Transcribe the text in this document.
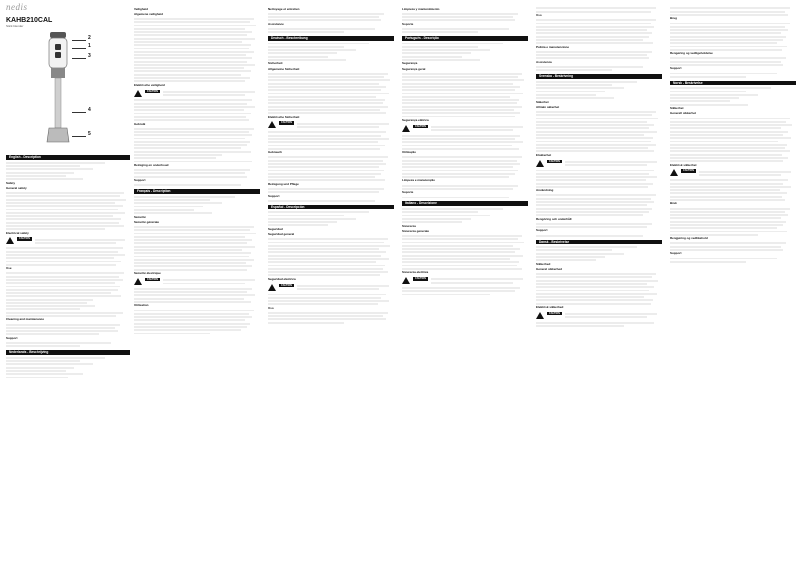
nedis
KAHB210CAL
Stick blender
2
1
3
4
5
English - Description
Safety
General safety
Electrical safety
CAUTION
Use
Cleaning and maintenance
Support
Nederlands - Beschrijving
Veiligheid
Algemene veiligheid
Elektrische veiligheid
CAUTION
Gebruik
Reiniging en onderhoud
Support
Français - Description
Sécurité
Sécurité générale
Sécurité électrique
CAUTION
Utilisation
Nettoyage et entretien
Assistance
Deutsch - Beschreibung
Sicherheit
Allgemeine Sicherheit
Elektrische Sicherheit
CAUTION
Gebrauch
Reinigung und Pflege
Support
Español - Descripción
Seguridad
Seguridad general
Seguridad eléctrica
CAUTION
Uso
Limpieza y mantenimiento
Soporte
Português - Descrição
Segurança
Segurança geral
Segurança elétrica
CAUTION
Utilização
Limpeza e manutenção
Suporte
Italiano - Descrizione
Sicurezza
Sicurezza generale
Sicurezza elettrica
CAUTION
Uso
Pulizia e manutenzione
Assistenza
Svenska - Beskrivning
Säkerhet
Allmän säkerhet
Elsäkerhet
CAUTION
Användning
Rengöring och underhåll
Support
Dansk - Beskrivelse
Sikkerhed
Generel sikkerhed
Elektrisk sikkerhed
CAUTION
Brug
Rengøring og vedligeholdelse
Support
Norsk - Beskrivelse
Sikkerhet
Generell sikkerhet
Elektrisk sikkerhet
CAUTION
Bruk
Rengjøring og vedlikehold
Support
